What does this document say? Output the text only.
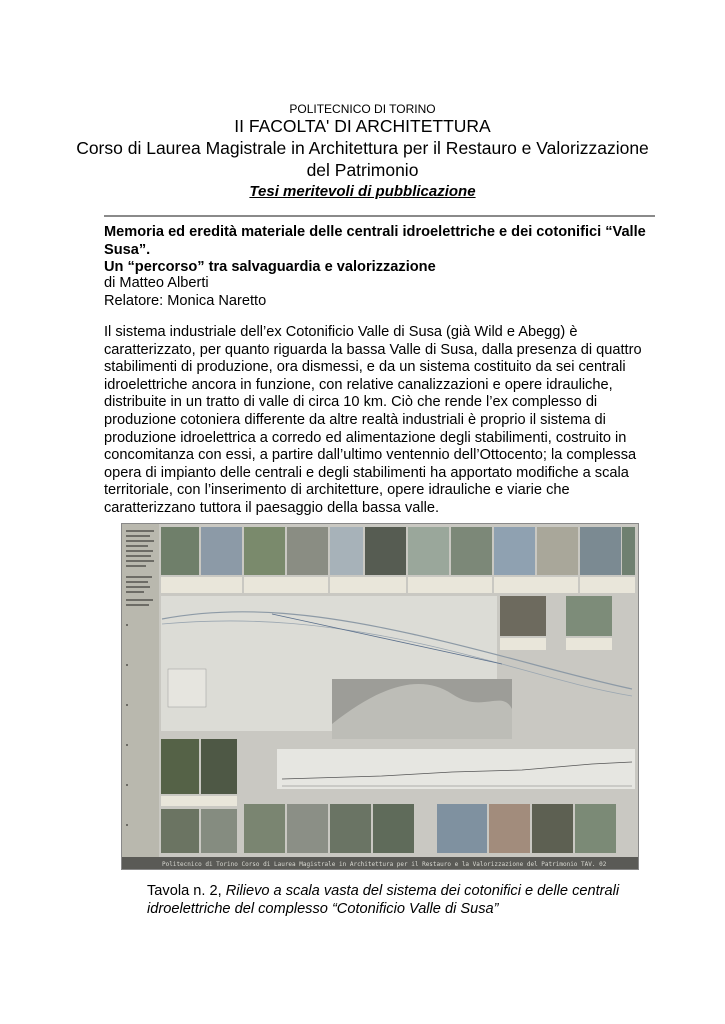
POLITECNICO DI TORINO
II FACOLTA' DI ARCHITETTURA
Corso di Laurea Magistrale in Architettura per il Restauro e Valorizzazione
del Patrimonio
Tesi meritevoli di pubblicazione
Memoria ed eredità materiale delle centrali idroelettriche e dei cotonifici “Valle
Susa”.
Un “percorso” tra salvaguardia e valorizzazione
di Matteo Alberti
Relatore: Monica Naretto
Il sistema industriale dell’ex Cotonificio Valle di Susa (già Wild e Abegg) è
caratterizzato, per quanto riguarda la bassa Valle di Susa, dalla presenza di quattro
stabilimenti di produzione, ora dismessi, e da un sistema costituito da sei centrali
idroelettriche ancora in funzione, con relative canalizzazioni e opere idrauliche,
distribuite in un tratto di valle di circa 10 km. Ciò che rende l’ex complesso di
produzione cotoniera differente da altre realtà industriali è proprio il sistema di
produzione idroelettrica a corredo ed alimentazione degli stabilimenti, costruito in
concomitanza con essi, a partire dall’ultimo ventennio dell’Ottocento; la complessa
opera di impianto delle centrali e degli stabilimenti ha apportato modifiche a scala
territoriale, con l’inserimento di architetture, opere idrauliche e viarie che
caratterizzano tuttora il paesaggio della bassa valle.
Politecnico di Torino Corso di Laurea Magistrale in Architettura per il Restauro e la Valorizzazione del Patrimonio TAV. 02
Tavola n. 2, Rilievo a scala vasta del sistema dei cotonifici e delle centrali
idroelettriche del complesso “Cotonificio Valle di Susa”
